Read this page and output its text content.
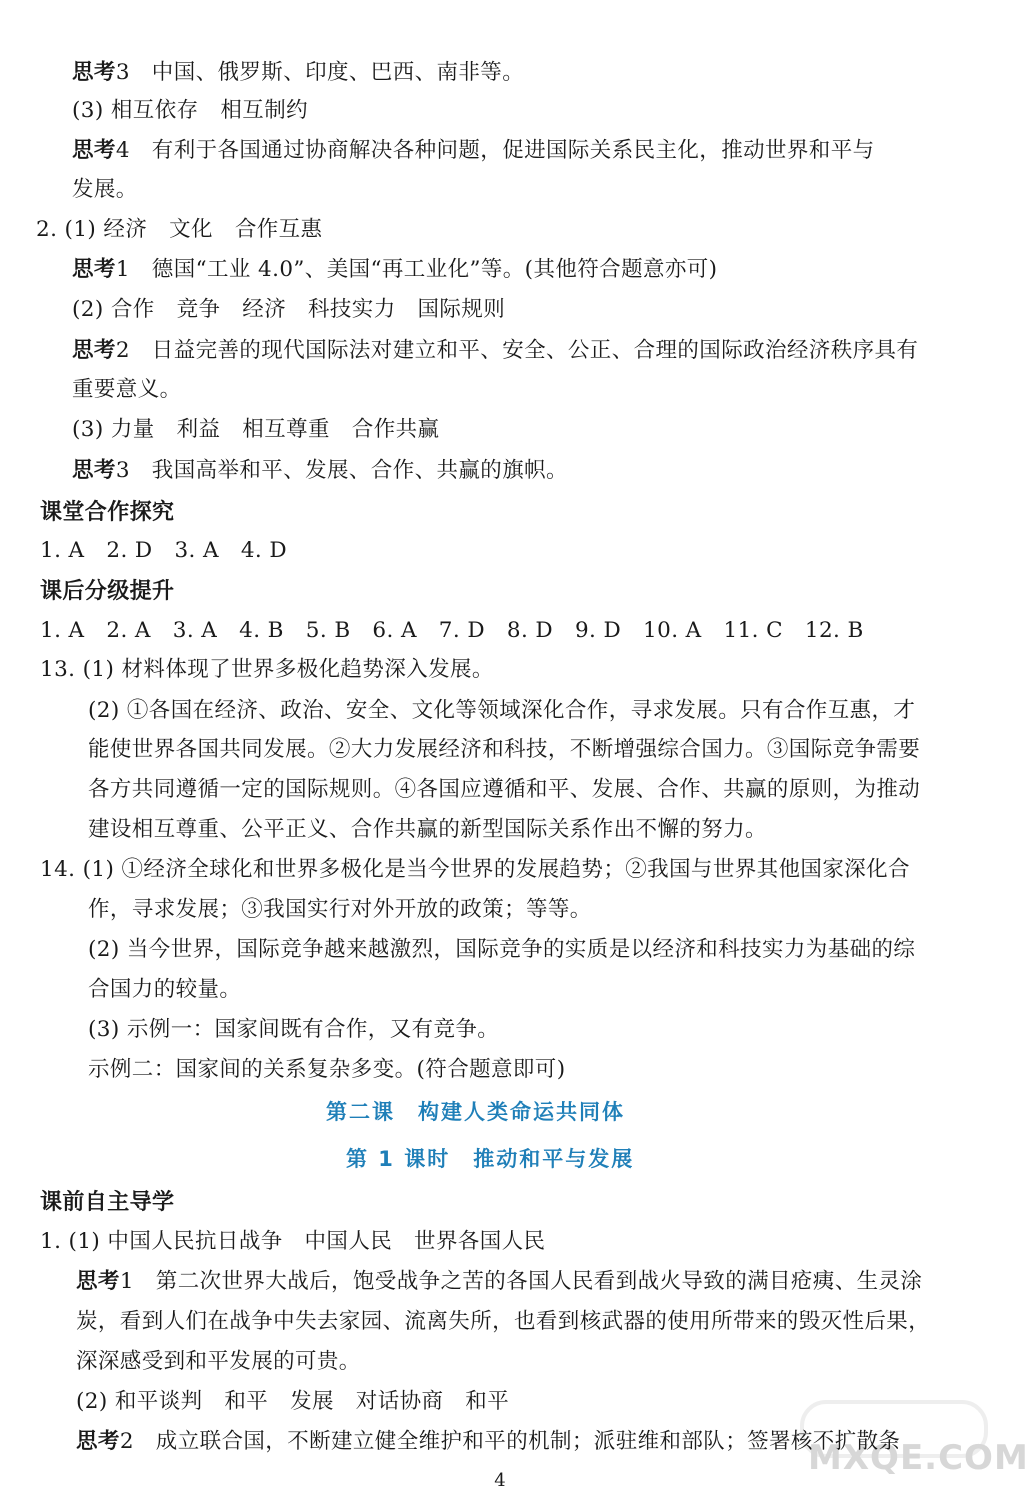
MXQE.COM
4
思考3　中国、俄罗斯、印度、巴西、南非等。
(3) 相互依存　相互制约
思考4　有利于各国通过协商解决各种问题，促进国际关系民主化，推动世界和平与
发展。
2. (1) 经济　文化　合作互惠
思考1　德国“工业 4.0”、美国“再工业化”等。(其他符合题意亦可)
(2) 合作　竞争　经济　科技实力　国际规则
思考2　日益完善的现代国际法对建立和平、安全、公正、合理的国际政治经济秩序具有
重要意义。
(3) 力量　利益　相互尊重　合作共赢
思考3　我国高举和平、发展、合作、共赢的旗帜。
课堂合作探究
1. A　2. D　3. A　4. D
课后分级提升
1. A　2. A　3. A　4. B　5. B　6. A　7. D　8. D　9. D　10. A　11. C　12. B
13. (1) 材料体现了世界多极化趋势深入发展。
(2) ①各国在经济、政治、安全、文化等领域深化合作，寻求发展。只有合作互惠，才
能使世界各国共同发展。②大力发展经济和科技，不断增强综合国力。③国际竞争需要
各方共同遵循一定的国际规则。④各国应遵循和平、发展、合作、共赢的原则，为推动
建设相互尊重、公平正义、合作共赢的新型国际关系作出不懈的努力。
14. (1) ①经济全球化和世界多极化是当今世界的发展趋势；②我国与世界其他国家深化合
作，寻求发展；③我国实行对外开放的政策；等等。
(2) 当今世界，国际竞争越来越激烈，国际竞争的实质是以经济和科技实力为基础的综
合国力的较量。
(3) 示例一：国家间既有合作，又有竞争。
示例二：国家间的关系复杂多变。(符合题意即可)
第二课　构建人类命运共同体
第 1 课时　推动和平与发展
课前自主导学
1. (1) 中国人民抗日战争　中国人民　世界各国人民
思考1　第二次世界大战后，饱受战争之苦的各国人民看到战火导致的满目疮痍、生灵涂
炭，看到人们在战争中失去家园、流离失所，也看到核武器的使用所带来的毁灭性后果，
深深感受到和平发展的可贵。
(2) 和平谈判　和平　发展　对话协商　和平
思考2　成立联合国，不断建立健全维护和平的机制；派驻维和部队；签署核不扩散条
